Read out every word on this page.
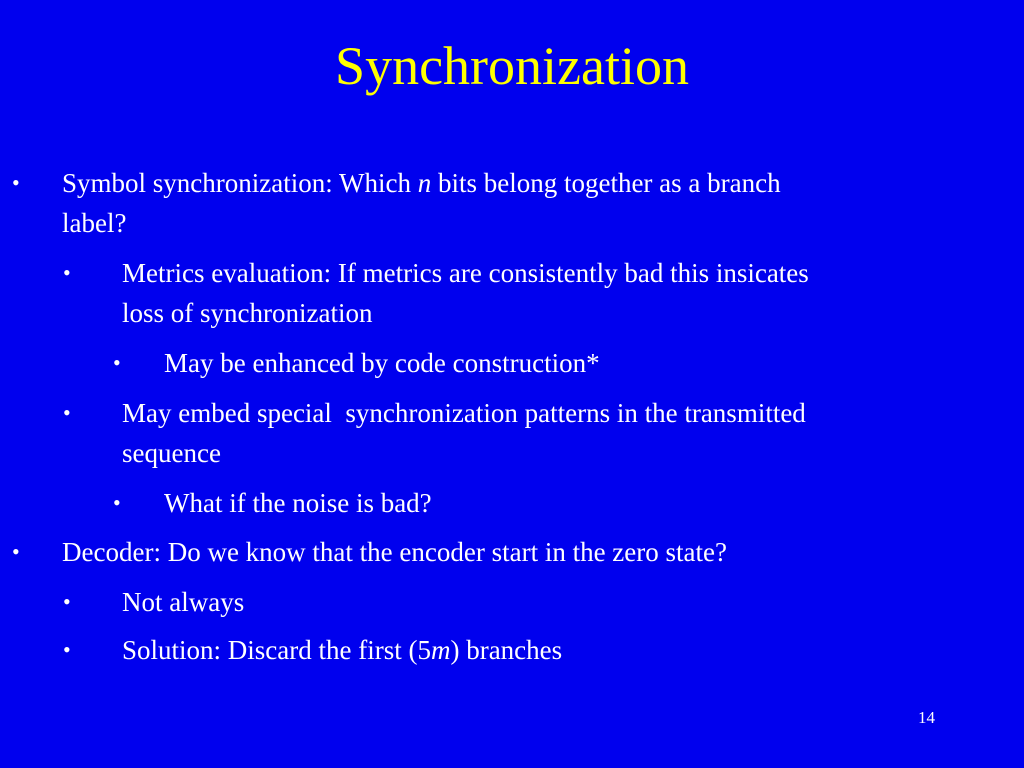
Synchronization
• Symbol synchronization: Which n bits belong together as a branch
label?
• Metrics evaluation: If metrics are consistently bad this insicates
loss of synchronization
• May be enhanced by code construction*
• May embed special  synchronization patterns in the transmitted
sequence
• What if the noise is bad?
• Decoder: Do we know that the encoder start in the zero state?
• Not always
• Solution: Discard the first (5m) branches
14
